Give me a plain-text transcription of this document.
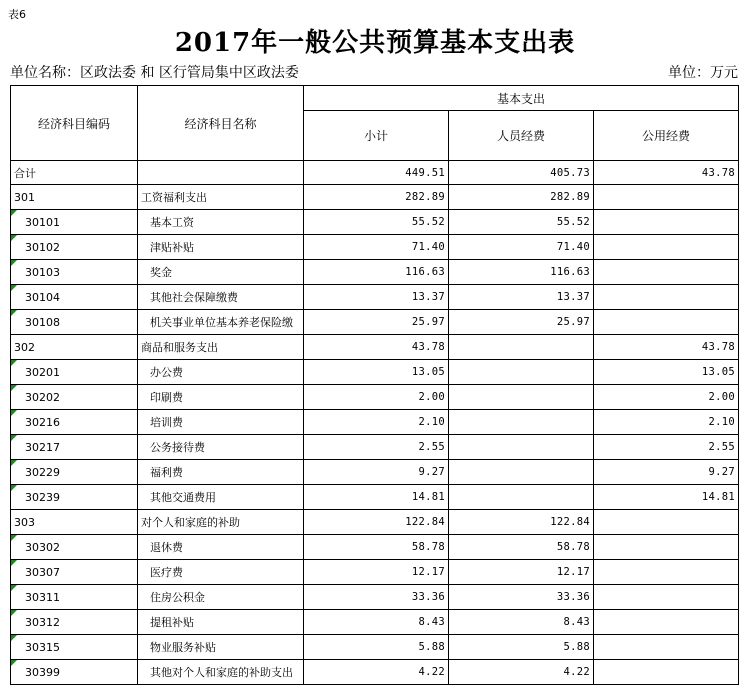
表6
2017年一般公共预算基本支出表
单位名称：区政法委 和 区行管局集中区政法委	单位：万元
经济科目编码	经济科目名称	基本支出		
		小计	人员经费	公用经费
合计		449.51	405.73	43.78
301	工资福利支出	282.89	282.89	
30101	基本工资	55.52	55.52	
30102	津贴补贴	71.40	71.40	
30103	奖金	116.63	116.63	
30104	其他社会保障缴费	13.37	13.37	
30108	机关事业单位基本养老保险缴	25.97	25.97	
302	商品和服务支出	43.78		43.78
30201	办公费	13.05		13.05
30202	印刷费	2.00		2.00
30216	培训费	2.10		2.10
30217	公务接待费	2.55		2.55
30229	福利费	9.27		9.27
30239	其他交通费用	14.81		14.81
303	对个人和家庭的补助	122.84	122.84	
30302	退休费	58.78	58.78	
30307	医疗费	12.17	12.17	
30311	住房公积金	33.36	33.36	
30312	提租补贴	8.43	8.43	
30315	物业服务补贴	5.88	5.88	
30399	其他对个人和家庭的补助支出	4.22	4.22	
